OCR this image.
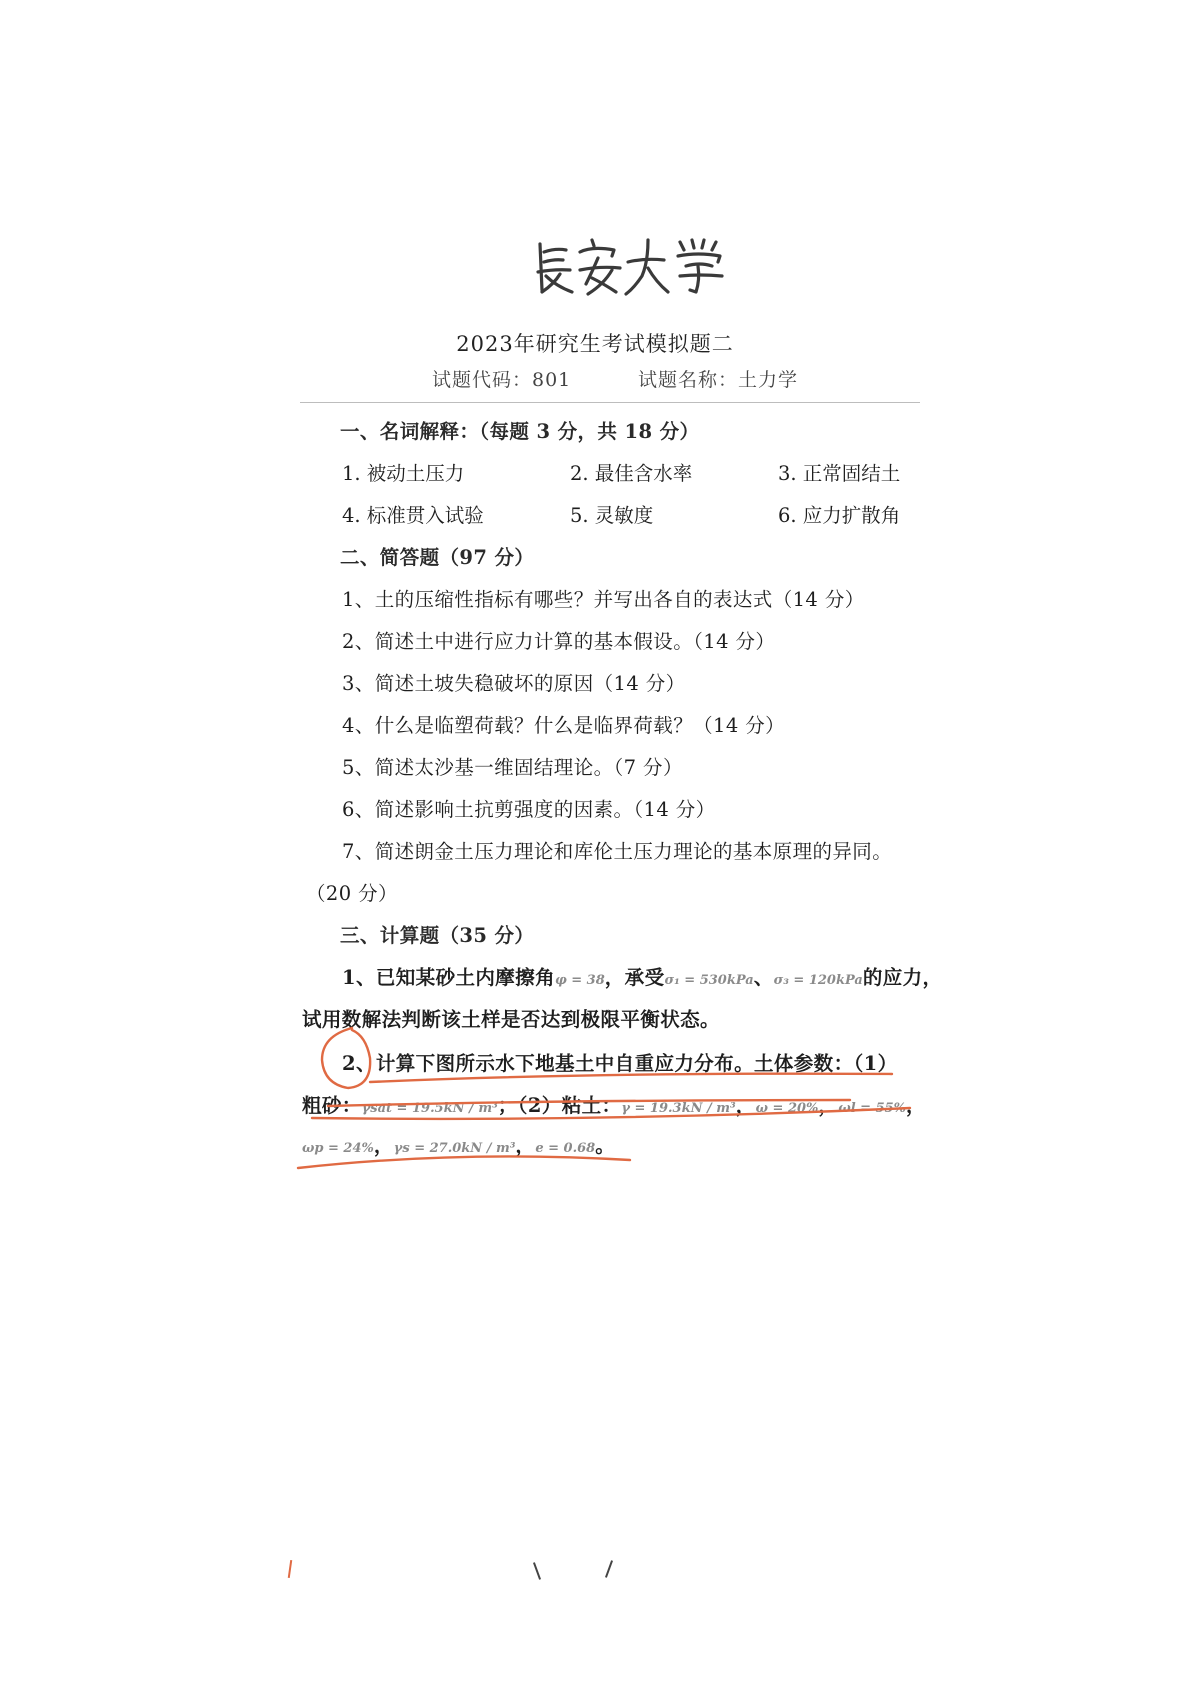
2023年研究生考试模拟题二
试题代码：801	试题名称：土力学
一、名词解释：（每题 3 分，共 18 分）
1. 被动土压力	2. 最佳含水率	3. 正常固结土
4. 标准贯入试验	5. 灵敏度	6. 应力扩散角
二、简答题（97 分）
1、土的压缩性指标有哪些？并写出各自的表达式（14 分）
2、简述土中进行应力计算的基本假设。（14 分）
3、简述土坡失稳破坏的原因（14 分）
4、什么是临塑荷载？什么是临界荷载？（14 分）
5、简述太沙基一维固结理论。（7 分）
6、简述影响土抗剪强度的因素。（14 分）
7、简述朗金土压力理论和库伦土压力理论的基本原理的异同。
（20 分）
三、计算题（35 分）
1、已知某砂土内摩擦角φ = 38，承受σ₁ = 530kPa、σ₃ = 120kPa的应力，
试用数解法判断该土样是否达到极限平衡状态。
2、计算下图所示水下地基土中自重应力分布。土体参数：（1）
粗砂：γsat = 19.5kN / m³；（2）粘土：γ = 19.3kN / m³，ω = 20%，ωl = 55%，
ωp = 24%，γs = 27.0kN / m³，e = 0.68。
